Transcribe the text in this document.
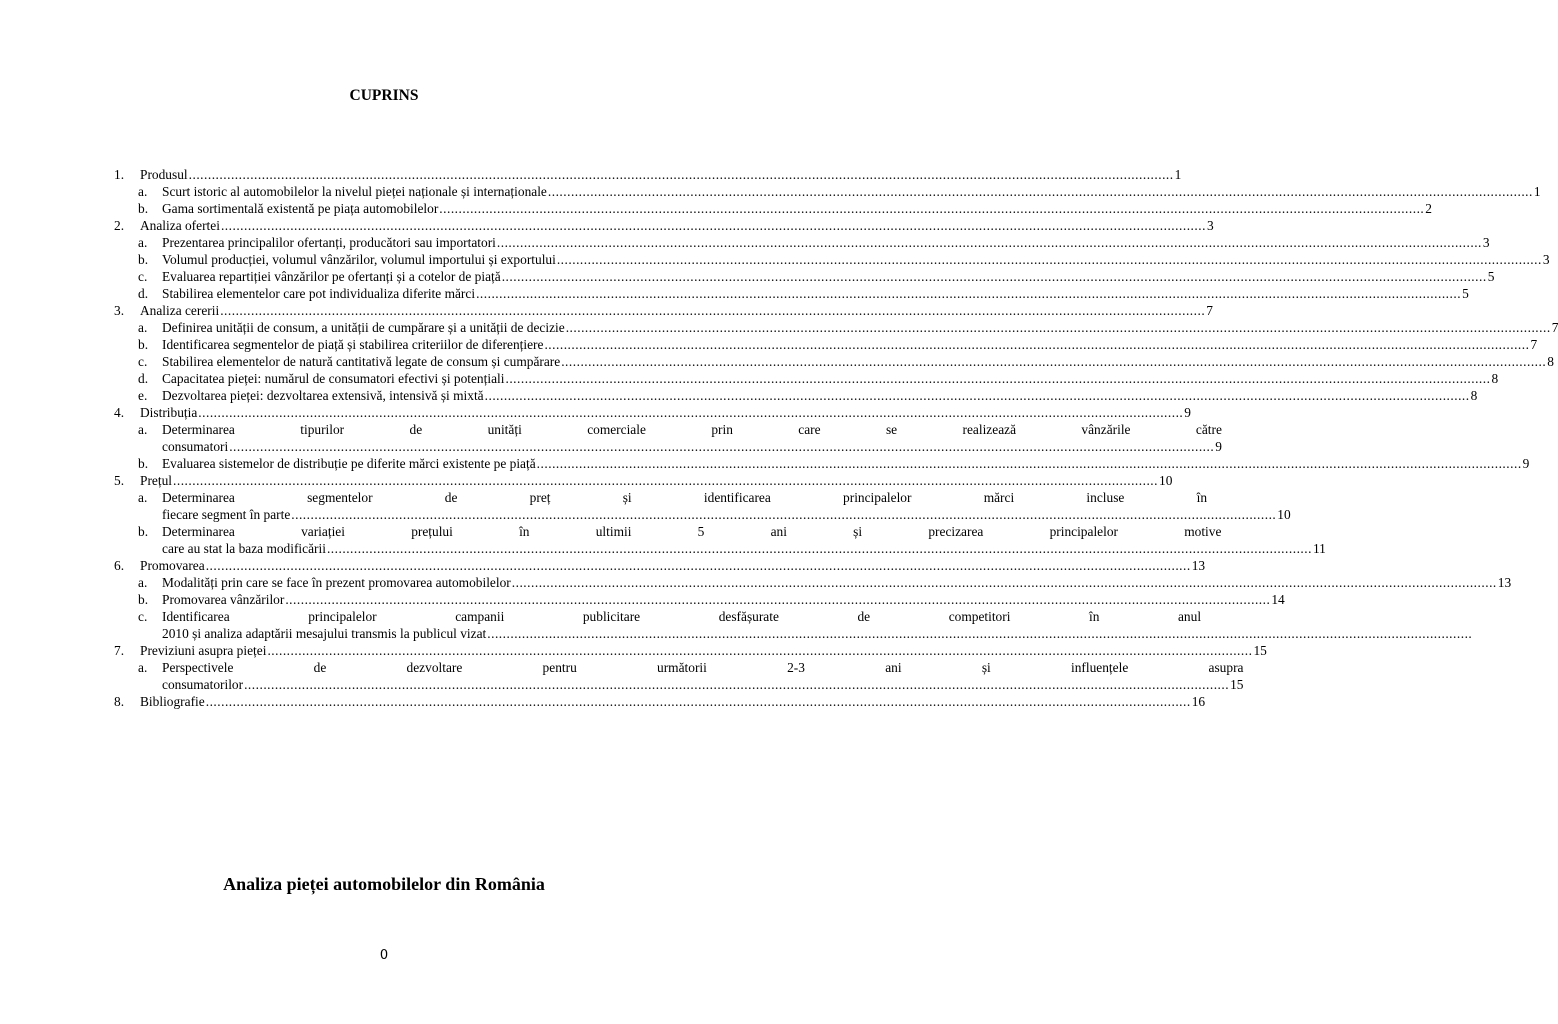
CUPRINS
1.	Produsul .....	1
a.	Scurt istoric al automobilelor la nivelul pieței naționale și internaționale .....	1
b.	Gama sortimentală existentă pe piața automobilelor .....	2
2.	Analiza ofertei .....	3
a.	Prezentarea principalilor ofertanți, producători sau importatori .....	3
b.	Volumul producției, volumul vânzărilor, volumul importului și exportului .....	3
c.	Evaluarea repartiției vânzărilor pe ofertanți și a cotelor de piață .....	5
d.	Stabilirea elementelor care pot individualiza diferite mărci .....	5
3.	Analiza cererii .....	7
a.	Definirea unității de consum, a unității de cumpărare și a unității de decizie .....	7
b.	Identificarea segmentelor de piață și stabilirea criteriilor de diferențiere .....	7
c.	Stabilirea elementelor de natură cantitativă legate de consum și cumpărare .....	8
d.	Capacitatea pieței: numărul de consumatori efectivi și potențiali .....	8
e.	Dezvoltarea pieței: dezvoltarea extensivă, intensivă și mixtă .....	8
4.	Distribuția .....	9
a.	Determinarea tipurilor de unități comerciale prin care se realizează vânzările către
consumatori .....	9
b.	Evaluarea sistemelor de distribuție pe diferite mărci existente pe piață .....	9
5.	Prețul .....	10
a.	Determinarea segmentelor de preț și identificarea principalelor mărci incluse în
fiecare segment în parte .....	10
b.	Determinarea variației prețului în ultimii 5 ani și precizarea principalelor motive
care au stat la baza modificării .....	11
6.	Promovarea .....	13
a.	Modalități prin care se face în prezent promovarea automobilelor .....	13
b.	Promovarea vânzărilor .....	14
c.	Identificarea principalelor campanii publicitare desfășurate de competitori în anul
2010 și analiza adaptării mesajului transmis la publicul vizat
.....
7.	Previziuni asupra pieței .....	15
a.	Perspectivele de dezvoltare pentru următorii 2-3 ani și influențele asupra
consumatorilor .....	15
8.	Bibliografie .....	16
Analiza pieței automobilelor din România
0
